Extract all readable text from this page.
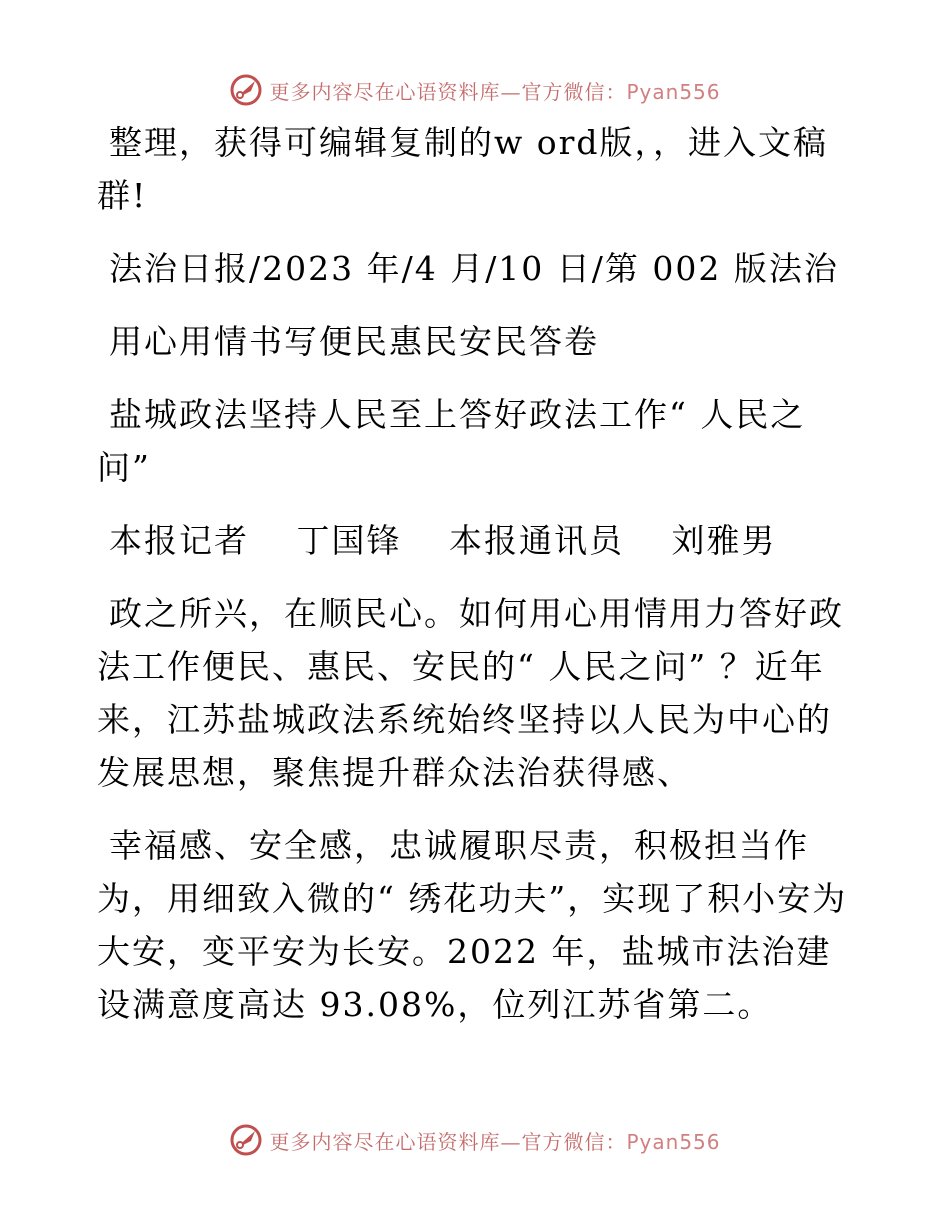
更多内容尽在心语资料库—官方微信：Pyan556

整理，获得可编辑复制的w ord版，，进入文稿群!

法治日报/2023 年/4 月/10 日/第 002 版法治

用心用情书写便民惠民安民答卷

盐城政法坚持人民至上答好政法工作“ 人民之问”

本报记者　 丁国锋　 本报通讯员　 刘雅男

政之所兴，在顺民心。如何用心用情用力答好政法工作便民、惠民、安民的“ 人民之问” ？近年来，江苏盐城政法系统始终坚持以人民为中心的发展思想，聚焦提升群众法治获得感、

幸福感、安全感，忠诚履职尽责，积极担当作为，用细致入微的“ 绣花功夫”，实现了积小安为大安，变平安为长安。2022 年，盐城市法治建设满意度高达 93.08%，位列江苏省第二。

更多内容尽在心语资料库—官方微信：Pyan556
